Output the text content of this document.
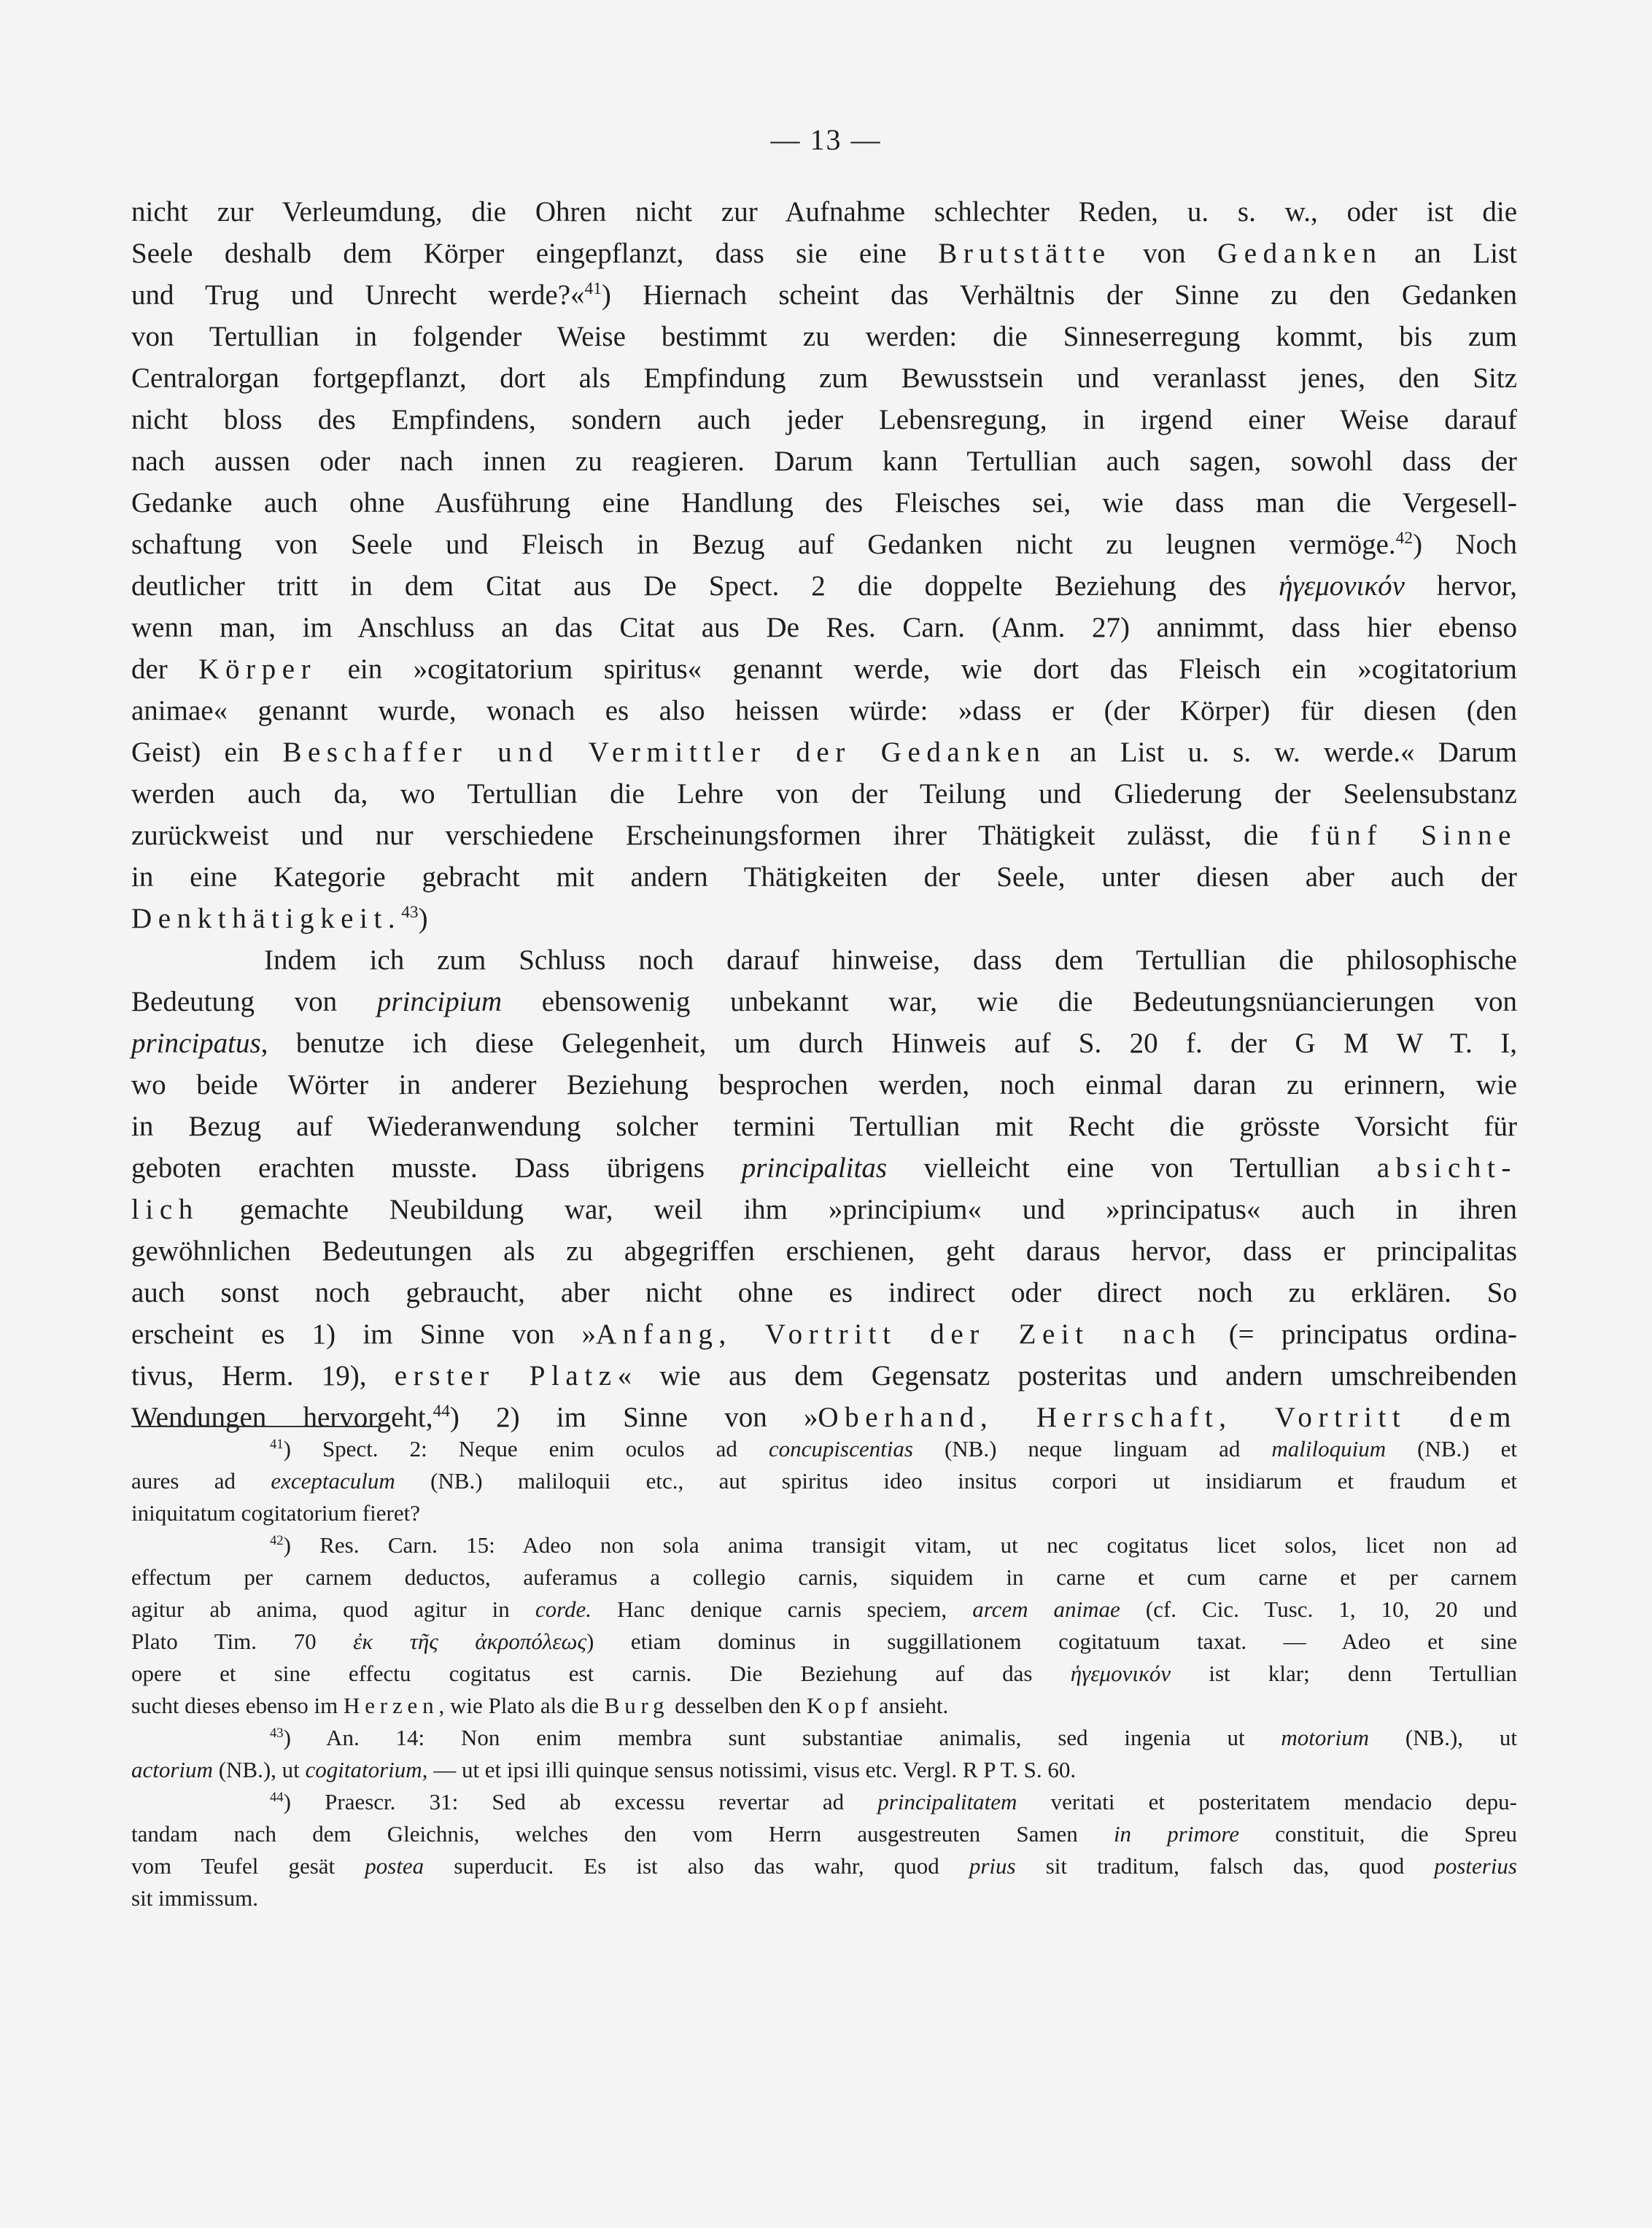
— 13 —
nicht zur Verleumdung, die Ohren nicht zur Aufnahme schlechter Reden, u. s. w., oder ist die
Seele deshalb dem Körper eingepflanzt, dass sie eine Brutstätte von Gedanken an List
und Trug und Unrecht werde?«$^{41}$) Hiernach scheint das Verhältnis der Sinne zu den Gedanken
von Tertullian in folgender Weise bestimmt zu werden: die Sinneserregung kommt, bis zum
Centralorgan fortgepflanzt, dort als Empfindung zum Bewusstsein und veranlasst jenes, den Sitz
nicht bloss des Empfindens, sondern auch jeder Lebensregung, in irgend einer Weise darauf
nach aussen oder nach innen zu reagieren. Darum kann Tertullian auch sagen, sowohl dass der
Gedanke auch ohne Ausführung eine Handlung des Fleisches sei, wie dass man die Vergesell-
schaftung von Seele und Fleisch in Bezug auf Gedanken nicht zu leugnen vermöge.$^{42}$) Noch
deutlicher tritt in dem Citat aus De Spect. 2 die doppelte Beziehung des ἡγεμονικόν hervor,
wenn man, im Anschluss an das Citat aus De Res. Carn. (Anm. 27) annimmt, dass hier ebenso
der Körper ein »cogitatorium spiritus« genannt werde, wie dort das Fleisch ein »cogitatorium
animae« genannt wurde, wonach es also heissen würde: »dass er (der Körper) für diesen (den
Geist) ein Beschaffer und Vermittler der Gedanken an List u. s. w. werde.« Darum
werden auch da, wo Tertullian die Lehre von der Teilung und Gliederung der Seelensubstanz
zurückweist und nur verschiedene Erscheinungsformen ihrer Thätigkeit zulässt, die fünf Sinne
in eine Kategorie gebracht mit andern Thätigkeiten der Seele, unter diesen aber auch der
Denkthätigkeit.$^{43}$)
Indem ich zum Schluss noch darauf hinweise, dass dem Tertullian die philosophische
Bedeutung von principium ebensowenig unbekannt war, wie die Bedeutungsnüancierungen von
principatus, benutze ich diese Gelegenheit, um durch Hinweis auf S. 20 f. der G M W T. I,
wo beide Wörter in anderer Beziehung besprochen werden, noch einmal daran zu erinnern, wie
in Bezug auf Wiederanwendung solcher termini Tertullian mit Recht die grösste Vorsicht für
geboten erachten musste. Dass übrigens principalitas vielleicht eine von Tertullian absicht-
lich gemachte Neubildung war, weil ihm »principium« und »principatus« auch in ihren
gewöhnlichen Bedeutungen als zu abgegriffen erschienen, geht daraus hervor, dass er principalitas
auch sonst noch gebraucht, aber nicht ohne es indirect oder direct noch zu erklären. So
erscheint es 1) im Sinne von »Anfang, Vortritt der Zeit nach (= principatus ordina-
tivus, Herm. 19), erster Platz« wie aus dem Gegensatz posteritas und andern umschreibenden
Wendungen hervorgeht,$^{44}$) 2) im Sinne von »Oberhand, Herrschaft, Vortritt dem
$^{41}$) Spect. 2: Neque enim oculos ad concupiscentias (NB.) neque linguam ad maliloquium (NB.) et
aures ad exceptaculum (NB.) maliloquii etc., aut spiritus ideo insitus corpori ut insidiarum et fraudum et
iniquitatum cogitatorium fieret?
$^{42}$) Res. Carn. 15: Adeo non sola anima transigit vitam, ut nec cogitatus licet solos, licet non ad
effectum per carnem deductos, auferamus a collegio carnis, siquidem in carne et cum carne et per carnem
agitur ab anima, quod agitur in corde. Hanc denique carnis speciem, arcem animae (cf. Cic. Tusc. 1, 10, 20 und
Plato Tim. 70 ἐκ τῆς ἀκροπόλεως) etiam dominus in suggillationem cogitatuum taxat. — Adeo et sine
opere et sine effectu cogitatus est carnis. Die Beziehung auf das ἡγεμονικόν ist klar; denn Tertullian
sucht dieses ebenso im Herzen, wie Plato als die Burg desselben den Kopf ansieht.
$^{43}$) An. 14: Non enim membra sunt substantiae animalis, sed ingenia ut motorium (NB.), ut
actorium (NB.), ut cogitatorium, — ut et ipsi illi quinque sensus notissimi, visus etc. Vergl. R P T. S. 60.
$^{44}$) Praescr. 31: Sed ab excessu revertar ad principalitatem veritati et posteritatem mendacio depu-
tandam nach dem Gleichnis, welches den vom Herrn ausgestreuten Samen in primore constituit, die Spreu
vom Teufel gesät postea superducit. Es ist also das wahr, quod prius sit traditum, falsch das, quod posterius
sit immissum.
